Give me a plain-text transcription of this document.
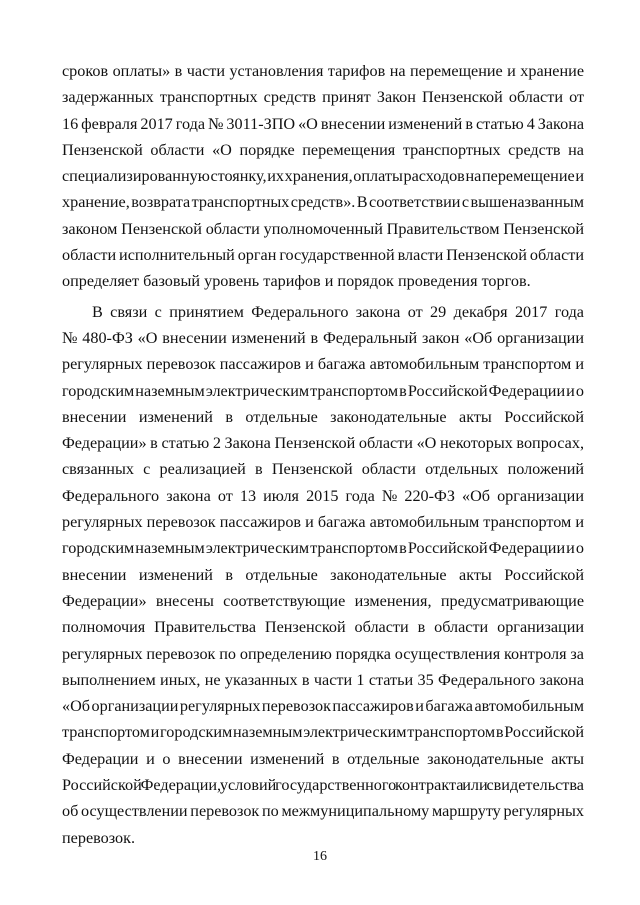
сроков оплаты» в части установления тарифов на перемещение и хранение
задержанных транспортных средств принят Закон Пензенской области от
16 февраля 2017 года № 3011-ЗПО «О внесении изменений в статью 4 Закона
Пензенской области «О порядке перемещения транспортных средств на
специализированную стоянку, их хранения, оплаты расходов на перемещение и
хранение, возврата транспортных средств». В соответствии с вышеназванным
законом Пензенской области уполномоченный Правительством Пензенской
области исполнительный орган государственной власти Пензенской области
определяет базовый уровень тарифов и порядок проведения торгов.

В связи с принятием Федерального закона от 29 декабря 2017 года
№ 480-ФЗ «О внесении изменений в Федеральный закон «Об организации
регулярных перевозок пассажиров и багажа автомобильным транспортом и
городским наземным электрическим транспортом в Российской Федерации и о
внесении изменений в отдельные законодательные акты Российской
Федерации» в статью 2 Закона Пензенской области «О некоторых вопросах,
связанных с реализацией в Пензенской области отдельных положений
Федерального закона от 13 июля 2015 года № 220-ФЗ «Об организации
регулярных перевозок пассажиров и багажа автомобильным транспортом и
городским наземным электрическим транспортом в Российской Федерации и о
внесении изменений в отдельные законодательные акты Российской
Федерации» внесены соответствующие изменения, предусматривающие
полномочия Правительства Пензенской области в области организации
регулярных перевозок по определению порядка осуществления контроля за
выполнением иных, не указанных в части 1 статьи 35 Федерального закона
«Об организации регулярных перевозок пассажиров и багажа автомобильным
транспортом и городским наземным электрическим транспортом в Российской
Федерации и о внесении изменений в отдельные законодательные акты
Российской Федерации, условий государственного контракта или свидетельства
об осуществлении перевозок по межмуниципальному маршруту регулярных
перевозок.

16
